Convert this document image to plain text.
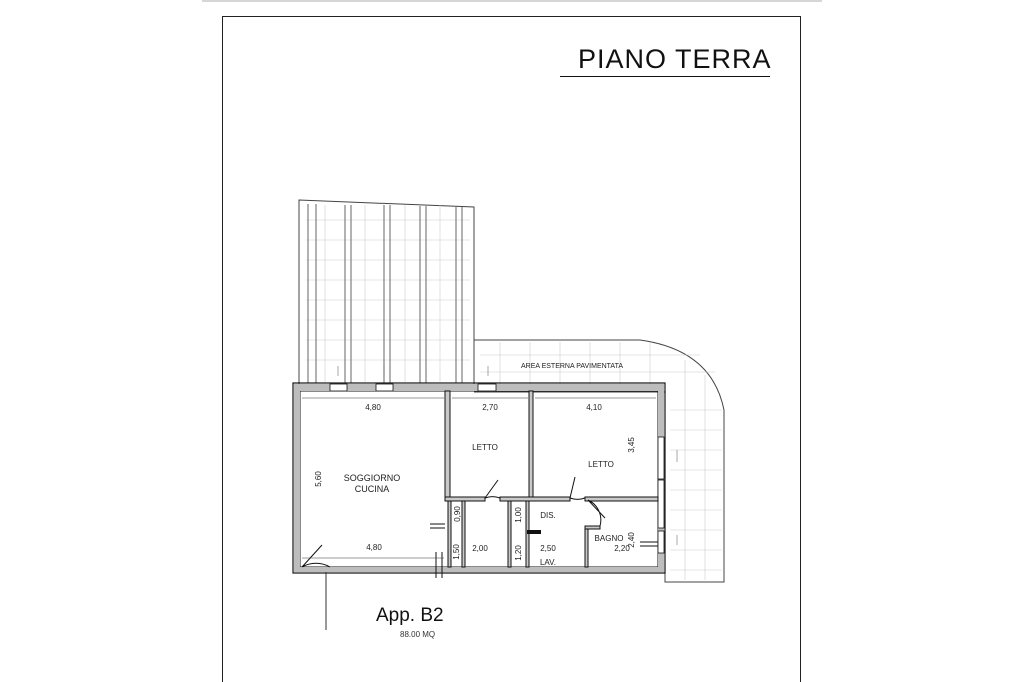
PIANO TERRA
SOGGIORNO
CUCINA
LETTO
LETTO
DIS.
BAGNO
LAV.
AREA ESTERNA PAVIMENTATA
4,80	2,70	4,10
4,80	2,00	2,50	2,20
5,60
3,45
0,90	1,00
1,50	1,20
2,40
App. B2
88.00 MQ
